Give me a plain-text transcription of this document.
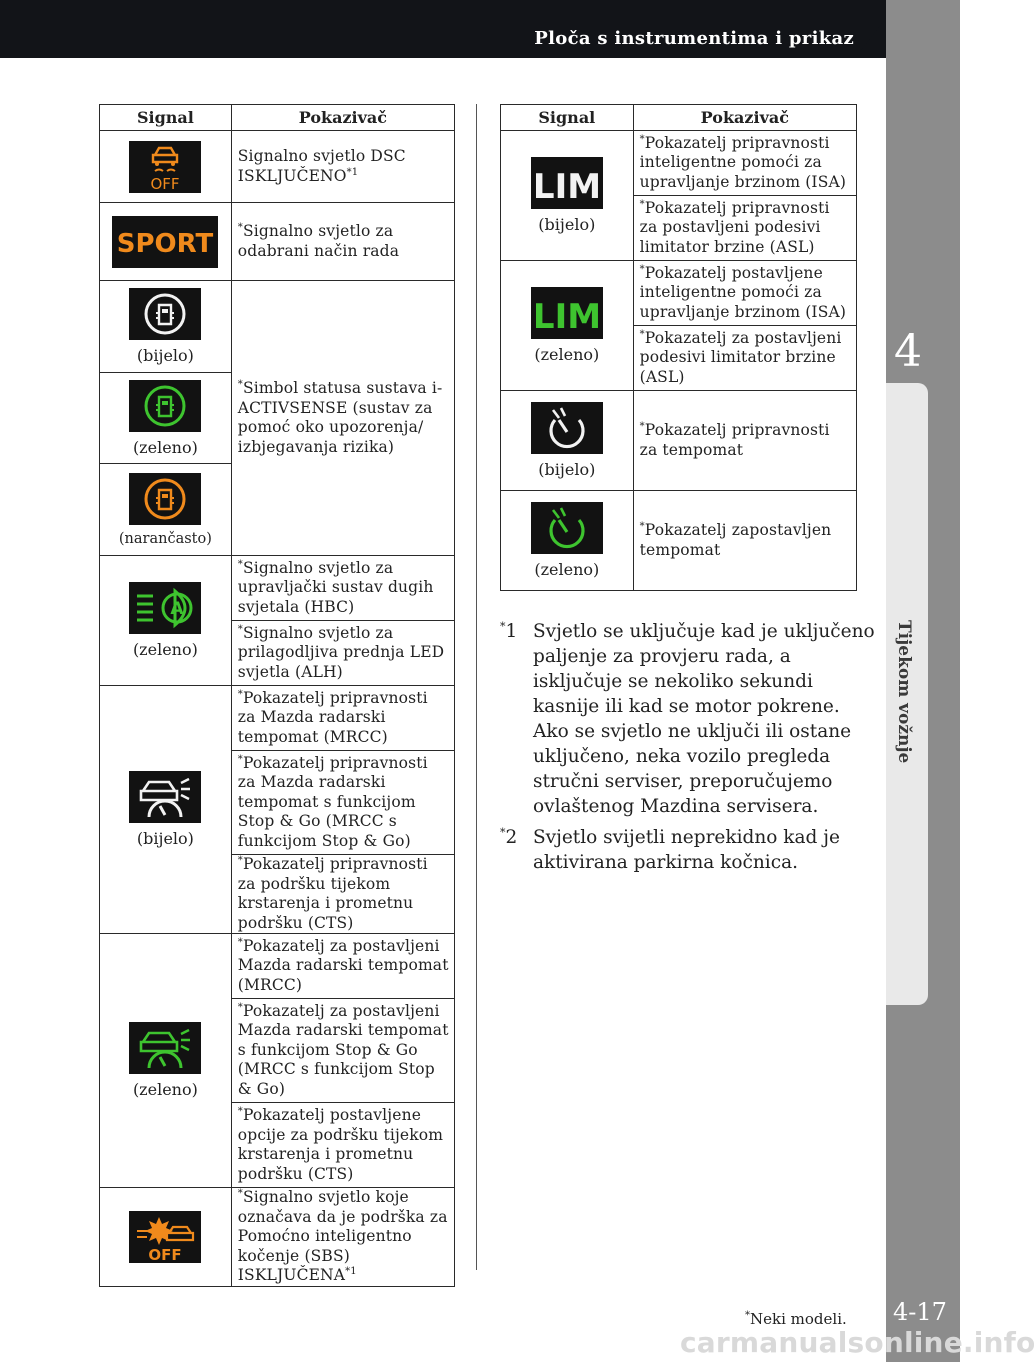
Ploča s instrumentima i prikaz
4
Tijekom vožnje
Signal	Pokazivač

OFF	Signalno svjetlo DSC ISKLJUČENO$^{*1}$

SPORT	*Signalno svjetlo za odabrani način rada

(bijelo)	*Simbol statusa sustava i-ACTIVSENSE (sustav za pomoć oko upozorenja/ izbjegavanja rizika)

(zeleno)	

(narančasto)	

A
(zeleno)	*Signalno svjetlo za upravljački sustav dugih svjetala (HBC)
	*Signalno svjetlo za prilagodljiva prednja LED svjetla (ALH)

(bijelo)	*Pokazatelj pripravnosti za Mazda radarski tempomat (MRCC)
	*Pokazatelj pripravnosti za Mazda radarski tempomat s funkcijom Stop & Go (MRCC s funkcijom Stop & Go)
	*Pokazatelj pripravnosti za podršku tijekom krstarenja i prometnu podršku (CTS)

(zeleno)	*Pokazatelj za postavljeni Mazda radarski tempomat (MRCC)
	*Pokazatelj za postavljeni Mazda radarski tempomat s funkcijom Stop & Go (MRCC s funkcijom Stop & Go)
	*Pokazatelj postavljene opcije za podršku tijekom krstarenja i prometnu podršku (CTS)

OFF	*Signalno svjetlo koje označava da je podrška za Pomoćno inteligentno kočenje (SBS) ISKLJUČENA$^{*1}$
Signal	Pokazivač

LIM
(bijelo)	*Pokazatelj pripravnosti inteligentne pomoći za upravljanje brzinom (ISA)
	*Pokazatelj pripravnosti za postavljeni podesivi limitator brzine (ASL)

LIM
(zeleno)	*Pokazatelj postavljene inteligentne pomoći za upravljanje brzinom (ISA)
	*Pokazatelj za postavljeni podesivi limitator brzine (ASL)

(bijelo)	*Pokazatelj pripravnosti za tempomat

(zeleno)	*Pokazatelj zapostavljen tempomat
*1 Svjetlo se uključuje kad je uključeno paljenje za provjeru rada, a isključuje se nekoliko sekundi kasnije ili kad se motor pokrene. Ako se svjetlo ne uključi ili ostane uključeno, neka vozilo pregleda stručni serviser, preporučujemo ovlaštenog Mazdina servisera.
*2 Svjetlo svijetli neprekidno kad je aktivirana parkirna kočnica.
*Neki modeli. 4-17
carmanualsonline.info
